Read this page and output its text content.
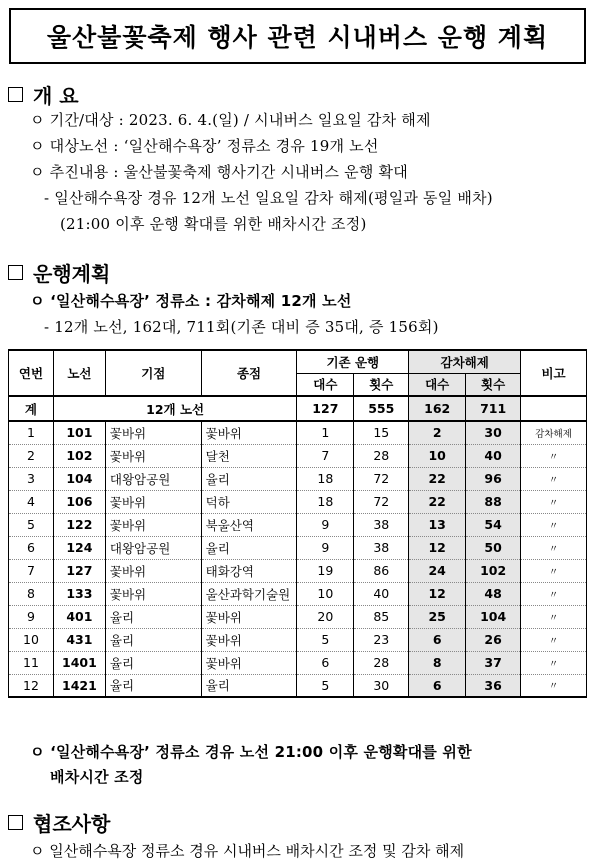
울산불꽃축제 행사 관련 시내버스 운행 계획
개 요
ㅇ 기간/대상 : 2023. 6. 4.(일) / 시내버스 일요일 감차 해제
ㅇ 대상노선 : ‘일산해수욕장’ 정류소 경유 19개 노선
ㅇ 추진내용 : 울산불꽃축제 행사기간 시내버스 운행 확대
- 일산해수욕장 경유 12개 노선 일요일 감차 해제(평일과 동일 배차)
(21:00 이후 운행 확대를 위한 배차시간 조정)
운행계획
ㅇ ‘일산해수욕장’ 정류소 : 감차해제 12개 노선
- 12개 노선, 162대, 711회(기존 대비 증 35대, 증 156회)
연번	노선	기점	종점	기존 운행		감차해제		비고
				대수	횟수	대수	횟수	
계	12개 노선			127	555	162	711	
1	101	꽃바위	꽃바위	1	15	2	30	감차해제
2	102	꽃바위	달천	7	28	10	40	〃
3	104	대왕암공원	율리	18	72	22	96	〃
4	106	꽃바위	덕하	18	72	22	88	〃
5	122	꽃바위	북울산역	9	38	13	54	〃
6	124	대왕암공원	율리	9	38	12	50	〃
7	127	꽃바위	태화강역	19	86	24	102	〃
8	133	꽃바위	울산과학기술원	10	40	12	48	〃
9	401	율리	꽃바위	20	85	25	104	〃
10	431	율리	꽃바위	5	23	6	26	〃
11	1401	율리	꽃바위	6	28	8	37	〃
12	1421	율리	율리	5	30	6	36	〃
ㅇ ‘일산해수욕장’ 정류소 경유 노선 21:00 이후 운행확대를 위한
배차시간 조정
협조사항
ㅇ 일산해수욕장 정류소 경유 시내버스 배차시간 조정 및 감차 해제
